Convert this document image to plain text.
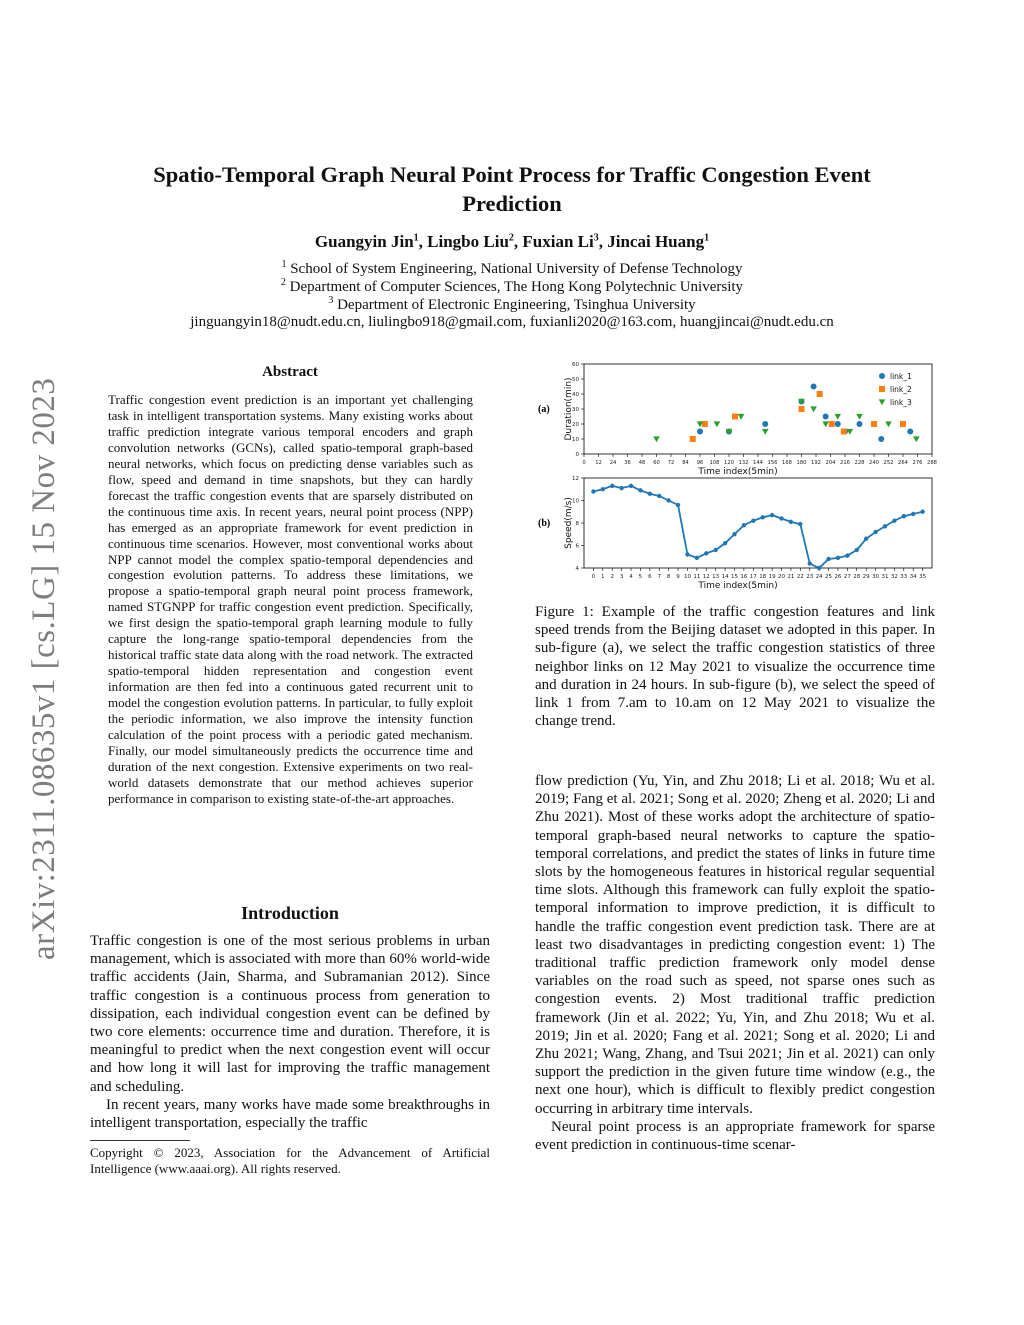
arXiv:2311.08635v1 [cs.LG] 15 Nov 2023
Spatio-Temporal Graph Neural Point Process for Traffic Congestion Event Prediction
Guangyin Jin$^1$, Lingbo Liu$^2$, Fuxian Li$^3$, Jincai Huang$^1$
$^1$ School of System Engineering, National University of Defense Technology
$^2$ Department of Computer Sciences, The Hong Kong Polytechnic University
$^3$ Department of Electronic Engineering, Tsinghua University
jinguangyin18@nudt.edu.cn, liulingbo918@gmail.com, fuxianli2020@163.com, huangjincai@nudt.edu.cn
Abstract
Traffic congestion event prediction is an important yet challenging task in intelligent transportation systems. Many existing works about traffic prediction integrate various temporal encoders and graph convolution networks (GCNs), called spatio-temporal graph-based neural networks, which focus on predicting dense variables such as flow, speed and demand in time snapshots, but they can hardly forecast the traffic congestion events that are sparsely distributed on the continuous time axis. In recent years, neural point process (NPP) has emerged as an appropriate framework for event prediction in continuous time scenarios. However, most conventional works about NPP cannot model the complex spatio-temporal dependencies and congestion evolution patterns. To address these limitations, we propose a spatio-temporal graph neural point process framework, named STGNPP for traffic congestion event prediction. Specifically, we first design the spatio-temporal graph learning module to fully capture the long-range spatio-temporal dependencies from the historical traffic state data along with the road network. The extracted spatio-temporal hidden representation and congestion event information are then fed into a continuous gated recurrent unit to model the congestion evolution patterns. In particular, to fully exploit the periodic information, we also improve the intensity function calculation of the point process with a periodic gated mechanism. Finally, our model simultaneously predicts the occurrence time and duration of the next congestion. Extensive experiments on two real-world datasets demonstrate that our method achieves superior performance in comparison to existing state-of-the-art approaches.
Introduction

Traffic congestion is one of the most serious problems in urban management, which is associated with more than 60% world-wide traffic accidents (Jain, Sharma, and Subramanian 2012). Since traffic congestion is a continuous process from generation to dissipation, each individual congestion event can be defined by two core elements: occurrence time and duration. Therefore, it is meaningful to predict when the next congestion event will occur and how long it will last for improving the traffic management and scheduling.

In recent years, many works have made some breakthroughs in intelligent transportation, especially the traffic

Copyright © 2023, Association for the Advancement of Artificial Intelligence (www.aaai.org). All rights reserved.
(a)
(b)
0 12 24 36 48 60 72 84 96 108 120 132 144 156 168 180 192 204 216 228 240 252 264 276 288
0
10
20
30
40
50
60
Time index(5min)
Duration(min)
link_1
link_2
link_3
0 1 2 3 4 5 6 7 8 9 10 11 12 13 14 15 16 17 18 19 20 21 22 23 24 25 26 27 28 29 30 31 32 33 34 35
4
6
8
10
12
Time index(5min)
Speed(m/s)
Figure 1: Example of the traffic congestion features and link speed trends from the Beijing dataset we adopted in this paper. In sub-figure (a), we select the traffic congestion statistics of three neighbor links on 12 May 2021 to visualize the occurrence time and duration in 24 hours. In sub-figure (b), we select the speed of link 1 from 7.am to 10.am on 12 May 2021 to visualize the change trend.

flow prediction (Yu, Yin, and Zhu 2018; Li et al. 2018; Wu et al. 2019; Fang et al. 2021; Song et al. 2020; Zheng et al. 2020; Li and Zhu 2021). Most of these works adopt the architecture of spatio-temporal graph-based neural networks to capture the spatio-temporal correlations, and predict the states of links in future time slots by the homogeneous features in historical regular sequential time slots. Although this framework can fully exploit the spatio-temporal information to improve prediction, it is difficult to handle the traffic congestion event prediction task. There are at least two disadvantages in predicting congestion event: 1) The traditional traffic prediction framework only model dense variables on the road such as speed, not sparse ones such as congestion events. 2) Most traditional traffic prediction framework (Jin et al. 2022; Yu, Yin, and Zhu 2018; Wu et al. 2019; Jin et al. 2020; Fang et al. 2021; Song et al. 2020; Li and Zhu 2021; Wang, Zhang, and Tsui 2021; Jin et al. 2021) can only support the prediction in the given future time window (e.g., the next one hour), which is difficult to flexibly predict congestion occurring in arbitrary time intervals.

Neural point process is an appropriate framework for sparse event prediction in continuous-time scenar-
